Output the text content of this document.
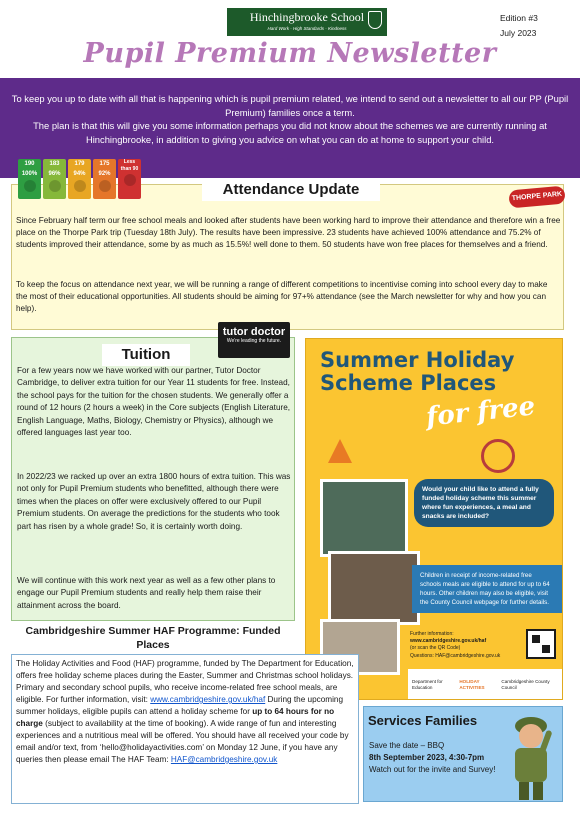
Hinchingbrooke School
Hard Work · High Standards · Kindness
Edition #3
July 2023
Pupil Premium Newsletter
To keep you up to date with all that is happening which is pupil premium related, we intend to send out a newsletter to all our PP (Pupil Premium) families once a term.
The plan is that this will give you some information perhaps you did not know about the schemes we are currently running at Hinchingbrooke, in addition to giving you advice on what you can do at home to support your child.
Attendance Update

Since February half term our free school meals and looked after students have been working hard to improve their attendance and therefore win a free place on the Thorpe Park trip (Tuesday 18th July). The results have been impressive. 23 students have achieved 100% attendance and 75.2% of students improved their attendance, some by as much as 15.5%! well done to them. 50 students have won free places for themselves and a friend.

To keep the focus on attendance next year, we will be running a range of different competitions to incentivise coming into school every day to make the most of their educational opportunities. All students should be aiming for 97+% attendance (see the March newsletter for why and how you can help).

190
100%
183
96%
179
94%
175
92%
Less than 90
THORPE PARK
Tuition

For a few years now we have worked with our partner, Tutor Doctor Cambridge, to deliver extra tuition for our Year 11 students for free. Instead, the school pays for the tuition for the chosen students. We generally offer a round of 12 hours (2 hours a week) in the Core subjects (English Literature, English Language, Maths, Biology, Chemistry or Physics), although we offered languages last year too.

In 2022/23 we racked up over an extra 1800 hours of extra tuition. This was not only for Pupil Premium students who benefitted, although there were times when the places on offer were exclusively offered to our Pupil Premium students. On average the predictions for the students who took part has risen by a whole grade! So, it is certainly worth doing.

We will continue with this work next year as well as a few other plans to engage our Pupil Premium students and really help them raise their attainment across the board.

tutor doctor
We're leading the future.
Summer Holiday Scheme Places
for free
Would your child like to attend a fully funded holiday scheme this summer where fun experiences, a meal and snacks are included?
Children in receipt of income-related free schools meals are eligible to attend for up to 64 hours. Other children may also be eligible, visit the County Council webpage for further details.
Further information:
www.cambridgeshire.gov.uk/haf
(or scan the QR Code)
Questions: HAF@cambridgeshire.gov.uk
Department for Education
HOLIDAY ACTIVITIES
Cambridgeshire County Council
Cambridgeshire Summer HAF Programme: Funded Places
The Holiday Activities and Food (HAF) programme, funded by The Department for Education, offers free holiday scheme places during the Easter, Summer and Christmas school holidays. Primary and secondary school pupils, who receive income-related free school meals, are eligible. For further information, visit: www.cambridgeshire.gov.uk/haf During the upcoming summer holidays, eligible pupils can attend a holiday scheme for up to 64 hours for no charge (subject to availability at the time of booking). A wide range of fun and interesting experiences and a nutritious meal will be offered. You should have all received your code by email and/or text, from ‘hello@holidayactivities.com’ on Monday 12 June, if you have any queries then please email The HAF Team: HAF@cambridgeshire.gov.uk
Services Families
Save the date – BBQ
8th September 2023, 4:30-7pm
Watch out for the invite and Survey!
